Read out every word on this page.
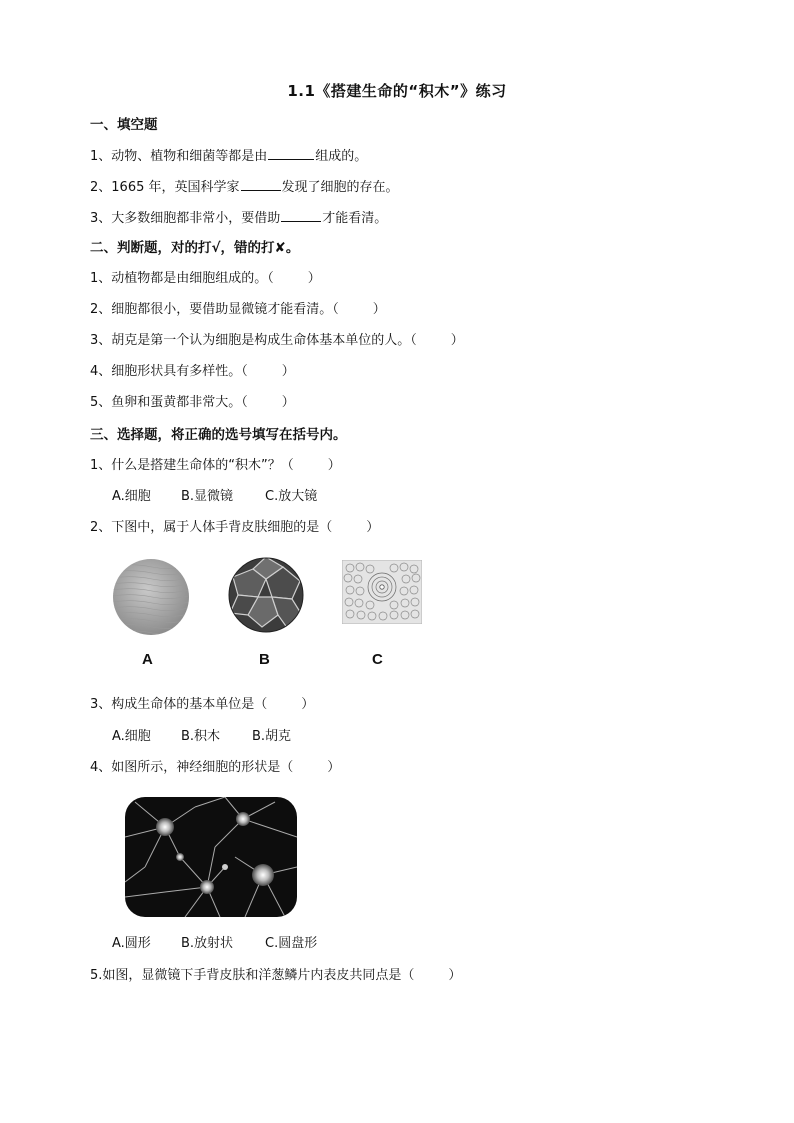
1.1《搭建生命的“积木”》练习
一、填空题
1、动物、植物和细菌等都是由	组成的。
2、1665 年，英国科学家	发现了细胞的存在。
3、大多数细胞都非常小，要借助	才能看清。
二、判断题，对的打√，错的打✘。
1、动植物都是由细胞组成的。（	）
2、细胞都很小，要借助显微镜才能看清。（	）
3、胡克是第一个认为细胞是构成生命体基本单位的人。（	）
4、细胞形状具有多样性。（	）
5、鱼卵和蛋黄都非常大。（	）
三、选择题，将正确的选号填写在括号内。
1、什么是搭建生命体的“积木”？（	）
A.细胞 B.显微镜 C.放大镜
2、下图中，属于人体手背皮肤细胞的是（	）
A	B	C
3、构成生命体的基本单位是（	）
A.细胞 B.积木 B.胡克
4、如图所示，神经细胞的形状是（	）
A.圆形 B.放射状 C.圆盘形
5.如图，显微镜下手背皮肤和洋葱鳞片内表皮共同点是（	）
